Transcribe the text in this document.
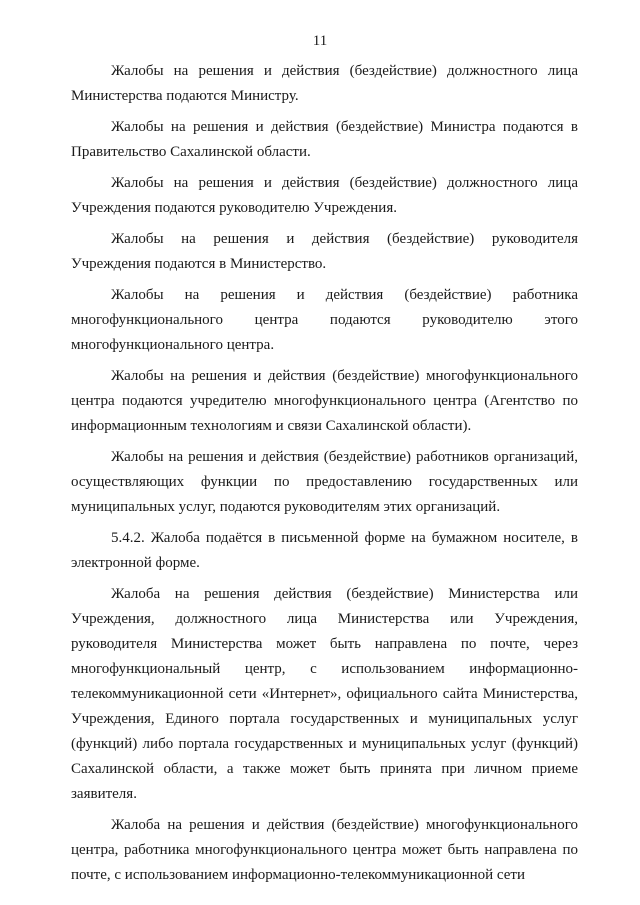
11

Жалобы на решения и действия (бездействие) должностного лица Министерства подаются Министру.

Жалобы на решения и действия (бездействие) Министра подаются в Правительство Сахалинской области.

Жалобы на решения и действия (бездействие) должностного лица Учреждения подаются руководителю Учреждения.

Жалобы на решения и действия (бездействие) руководителя Учреждения подаются в Министерство.

Жалобы на решения и действия (бездействие) работника многофункционального центра подаются руководителю этого многофункционального центра.

Жалобы на решения и действия (бездействие) многофункционального центра подаются учредителю многофункционального центра (Агентство по информационным технологиям и связи Сахалинской области).

Жалобы на решения и действия (бездействие) работников организаций, осуществляющих функции по предоставлению государственных или муниципальных услуг, подаются руководителям этих организаций.

5.4.2. Жалоба подаётся в письменной форме на бумажном носителе, в электронной форме.

Жалоба на решения действия (бездействие) Министерства или Учреждения, должностного лица Министерства или Учреждения, руководителя Министерства может быть направлена по почте, через многофункциональный центр, с использованием информационно-телекоммуникационной сети «Интернет», официального сайта Министерства, Учреждения, Единого портала государственных и муниципальных услуг (функций) либо портала государственных и муниципальных услуг (функций) Сахалинской области, а также может быть принята при личном приеме заявителя.

Жалоба на решения и действия (бездействие) многофункционального центра, работника многофункционального центра может быть направлена по почте, с использованием информационно-телекоммуникационной сети
